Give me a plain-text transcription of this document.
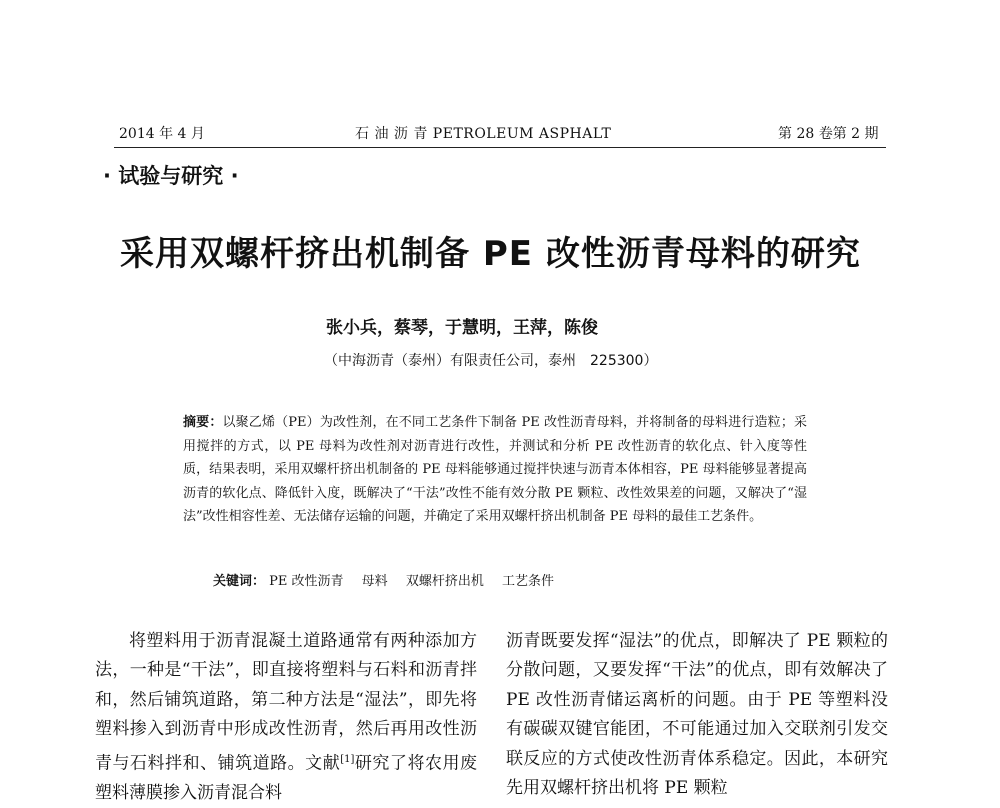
2014 年 4 月	石 油 沥 青 PETROLEUM ASPHALT	第 28 卷第 2 期
· 试验与研究 ·
采用双螺杆挤出机制备 PE 改性沥青母料的研究
张小兵，蔡琴，于慧明，王萍，陈俊
（中海沥青（泰州）有限责任公司，泰州　225300）
摘要：以聚乙烯（PE）为改性剂，在不同工艺条件下制备 PE 改性沥青母料，并将制备的母料进行造粒；采用搅拌的方式，以 PE 母料为改性剂对沥青进行改性，并测试和分析 PE 改性沥青的软化点、针入度等性质，结果表明，采用双螺杆挤出机制备的 PE 母料能够通过搅拌快速与沥青本体相容，PE 母料能够显著提高沥青的软化点、降低针入度，既解决了“干法”改性不能有效分散 PE 颗粒、改性效果差的问题，又解决了“湿法”改性相容性差、无法储存运输的问题，并确定了采用双螺杆挤出机制备 PE 母料的最佳工艺条件。
关键词： PE 改性沥青 母料 双螺杆挤出机 工艺条件
将塑料用于沥青混凝土道路通常有两种添加方法，一种是“干法”，即直接将塑料与石料和沥青拌和，然后铺筑道路，第二种方法是“湿法”，即先将塑料掺入到沥青中形成改性沥青，然后再用改性沥青与石料拌和、铺筑道路。文献[1]研究了将农用废塑料薄膜掺入沥青混合料
沥青既要发挥“湿法”的优点，即解决了 PE 颗粒的分散问题，又要发挥“干法”的优点，即有效解决了 PE 改性沥青储运离析的问题。由于 PE 等塑料没有碳碳双键官能团，不可能通过加入交联剂引发交联反应的方式使改性沥青体系稳定。因此，本研究先用双螺杆挤出机将 PE 颗粒
